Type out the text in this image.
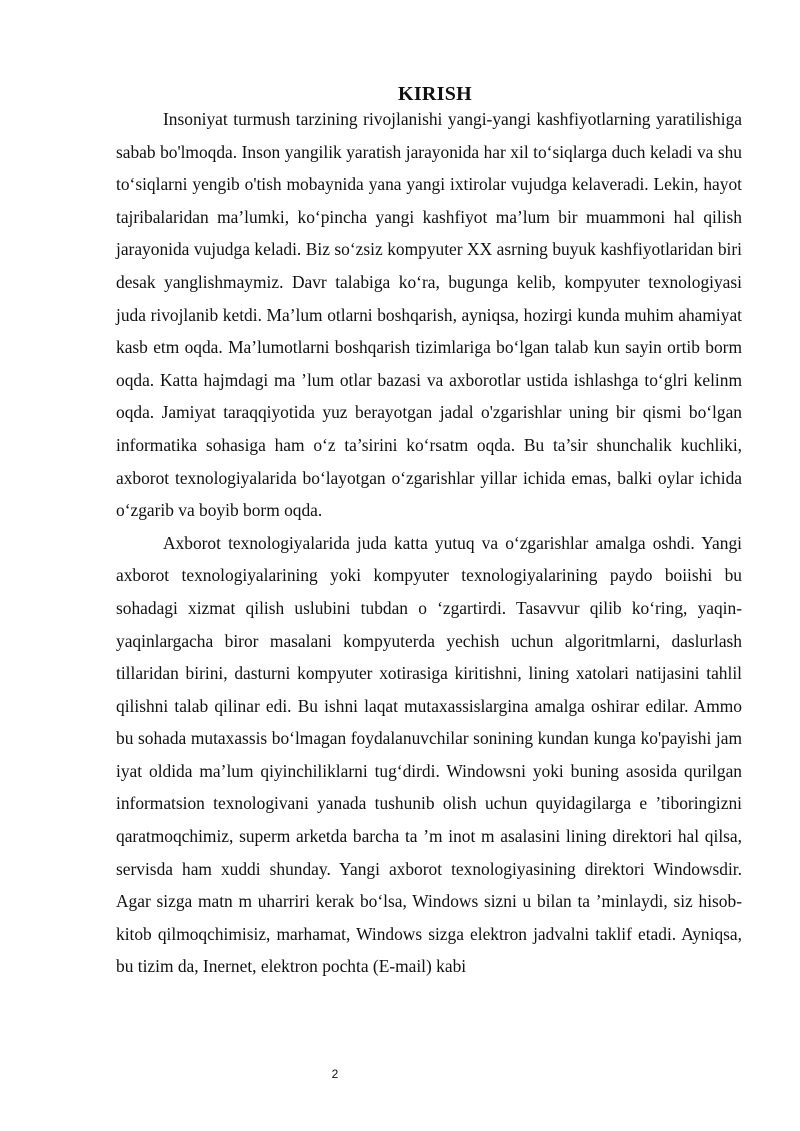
KIRISH

Insoniyat turmush tarzining rivojlanishi yangi-yangi kashfiyotlarning yaratilishiga sabab bo'lmoqda. Inson yangilik yaratish jarayonida har xil to‘siqlarga duch keladi va shu to‘siqlarni yengib o'tish mobaynida yana yangi ixtirolar vujudga kelaveradi. Lekin, hayot tajribalaridan ma’lumki, ko‘pincha yangi kashfiyot ma’lum bir muammoni hal qilish jarayonida vujudga keladi. Biz so‘zsiz kompyuter XX asrning buyuk kashfiyotlaridan biri desak yanglishmaymiz. Davr talabiga ko‘ra, bugunga kelib, kompyuter texnologiyasi juda rivojlanib ketdi. Ma’lum otlarni boshqarish, ayniqsa, hozirgi kunda muhim ahamiyat kasb etm oqda. Ma’lumotlarni boshqarish tizimlariga bo‘lgan talab kun sayin ortib borm oqda. Katta hajmdagi ma ’lum otlar bazasi va axborotlar ustida ishlashga to‘glri kelinm oqda. Jamiyat taraqqiyotida yuz berayotgan jadal o'zgarishlar uning bir qismi bo‘lgan informatika sohasiga ham o‘z ta’sirini ko‘rsatm oqda. Bu ta’sir shunchalik kuchliki, axborot texnologiyalarida bo‘layotgan o‘zgarishlar yillar ichida emas, balki oylar ichida o‘zgarib va boyib borm oqda.

Axborot texnologiyalarida juda katta yutuq va o‘zgarishlar amalga oshdi. Yangi axborot texnologiyalarining yoki kompyuter texnologiyalarining paydo boiishi bu sohadagi xizmat qilish uslubini tubdan o ‘zgartirdi. Tasavvur qilib ko‘ring, yaqin-yaqinlargacha biror masalani kompyuterda yechish uchun algoritmlarni, daslurlash tillaridan birini, dasturni kompyuter xotirasiga kiritishni, lining xatolari natijasini tahlil qilishni talab qilinar edi. Bu ishni laqat mutaxassislargina amalga oshirar edilar. Ammo bu sohada mutaxassis bo‘lmagan foydalanuvchilar sonining kundan kunga ko'payishi jam iyat oldida ma’lum qiyinchiliklarni tug‘dirdi. Windowsni yoki buning asosida qurilgan informatsion texnologivani yanada tushunib olish uchun quyidagilarga e ’tiboringizni qaratmoqchimiz, superm arketda barcha ta ’m inot m asalasini lining direktori hal qilsa, servisda ham xuddi shunday. Yangi axborot texnologiyasining direktori Windowsdir. Agar sizga matn m uharriri kerak bo‘lsa, Windows sizni u bilan ta ’minlaydi, siz hisob-kitob qilmoqchimisiz, marhamat, Windows sizga elektron jadvalni taklif etadi. Ayniqsa, bu tizim da, Inernet, elektron pochta (E-mail) kabi

2
